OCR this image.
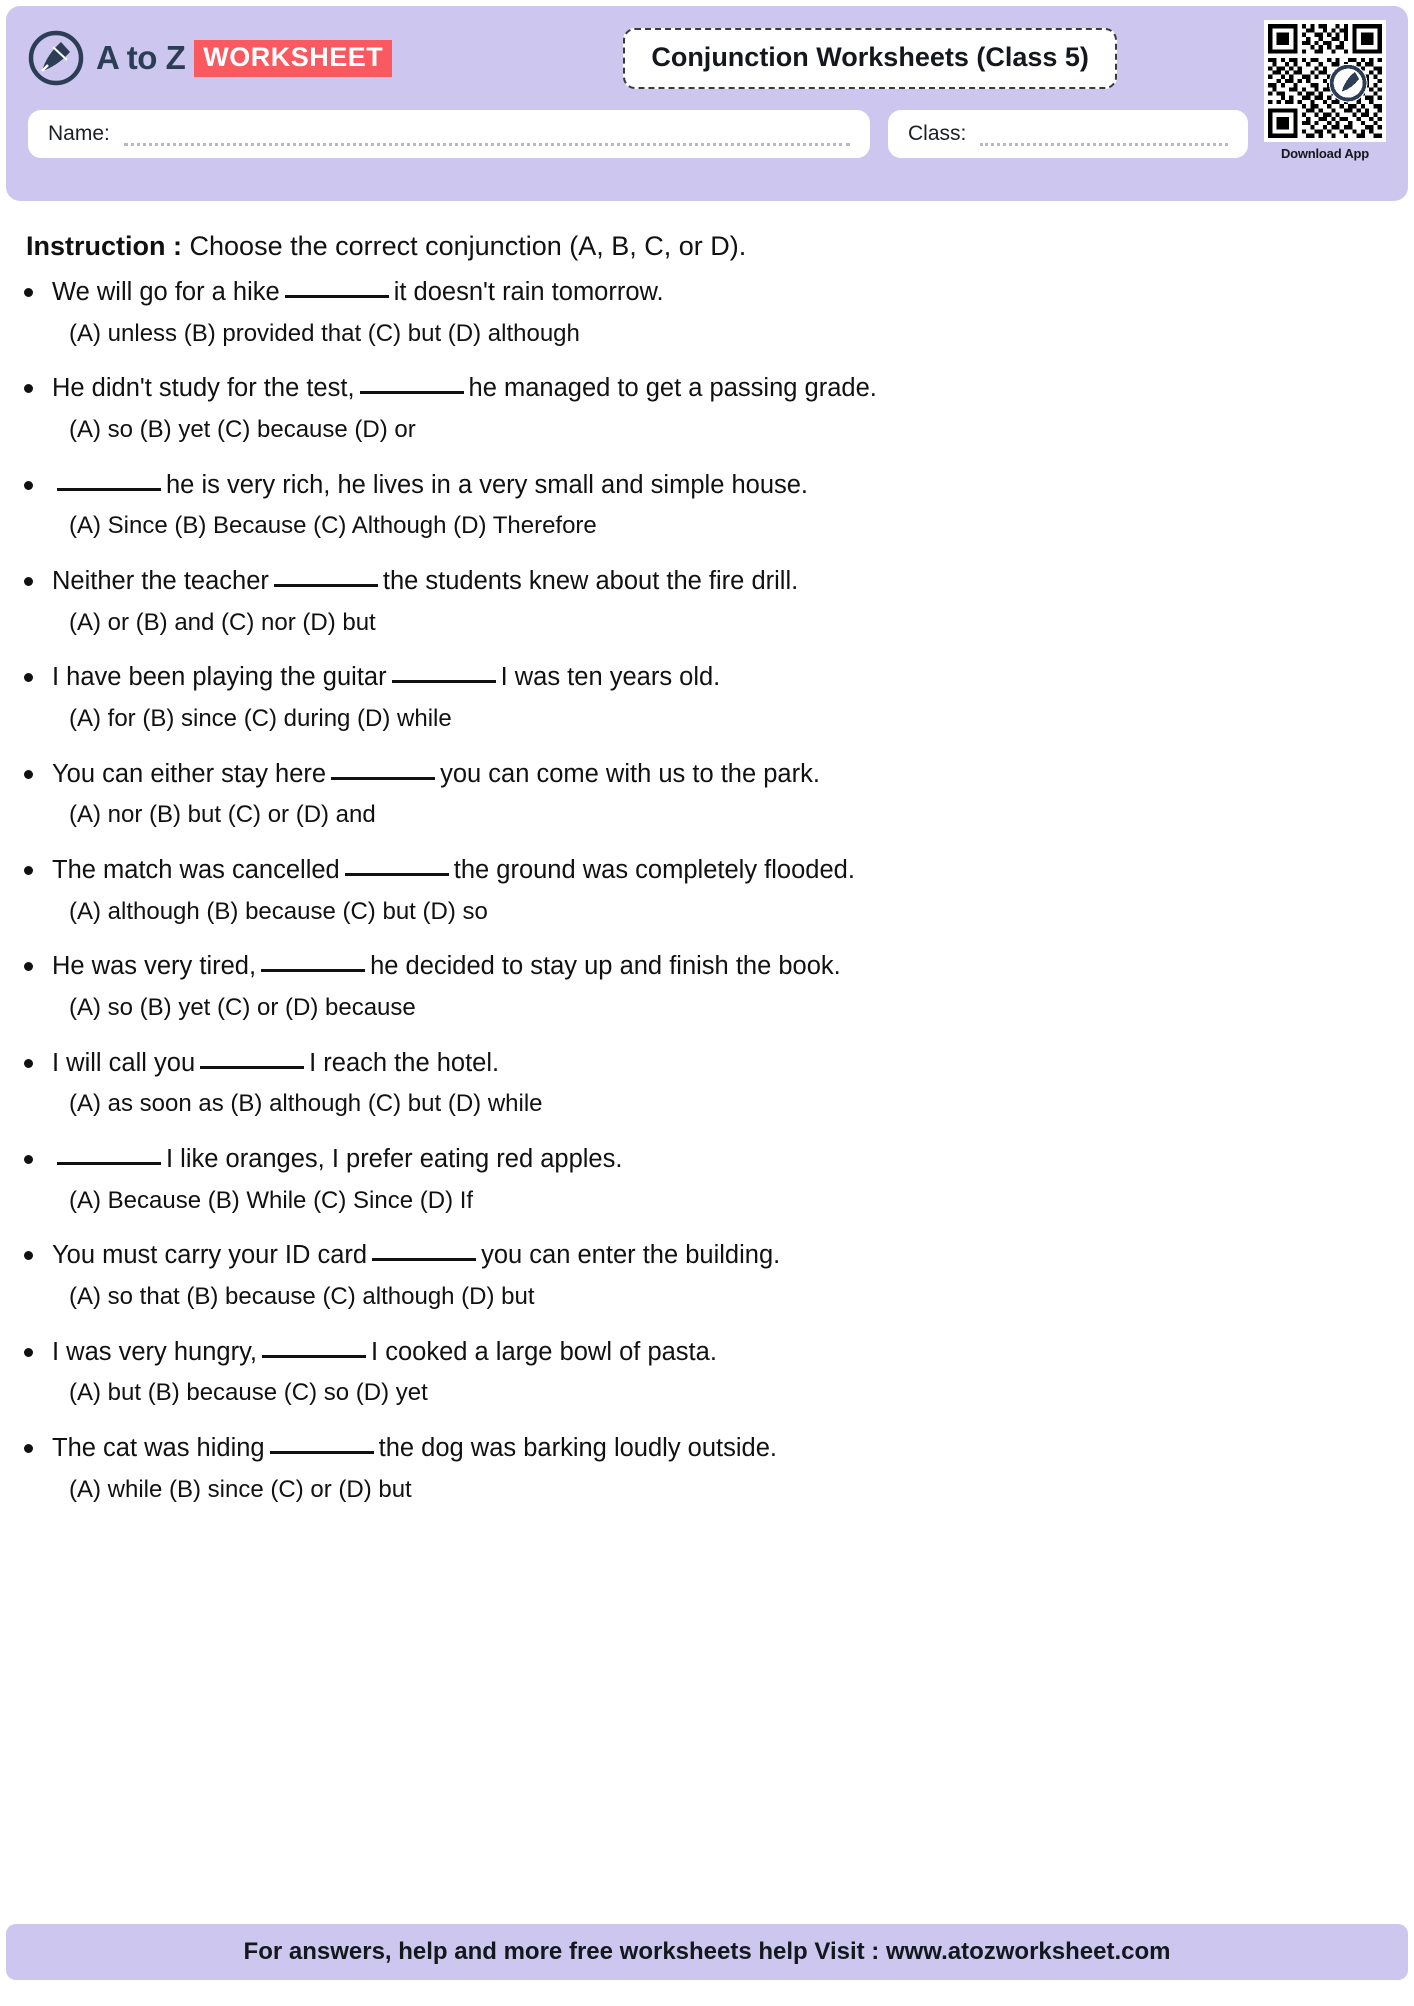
A to Z WORKSHEET	Conjunction Worksheets (Class 5)
Download App
Name:	Class:
Instruction : Choose the correct conjunction (A, B, C, or D).
We will go for a hike	it doesn't rain tomorrow.
(A) unless (B) provided that (C) but (D) although
He didn't study for the test,	he managed to get a passing grade.
(A) so (B) yet (C) because (D) or
he is very rich, he lives in a very small and simple house.
(A) Since (B) Because (C) Although (D) Therefore
Neither the teacher	the students knew about the fire drill.
(A) or (B) and (C) nor (D) but
I have been playing the guitar	I was ten years old.
(A) for (B) since (C) during (D) while
You can either stay here	you can come with us to the park.
(A) nor (B) but (C) or (D) and
The match was cancelled	the ground was completely flooded.
(A) although (B) because (C) but (D) so
He was very tired,	he decided to stay up and finish the book.
(A) so (B) yet (C) or (D) because
I will call you	I reach the hotel.
(A) as soon as (B) although (C) but (D) while
I like oranges, I prefer eating red apples.
(A) Because (B) While (C) Since (D) If
You must carry your ID card	you can enter the building.
(A) so that (B) because (C) although (D) but
I was very hungry,	I cooked a large bowl of pasta.
(A) but (B) because (C) so (D) yet
The cat was hiding	the dog was barking loudly outside.
(A) while (B) since (C) or (D) but
For answers, help and more free worksheets help Visit : www.atozworksheet.com
